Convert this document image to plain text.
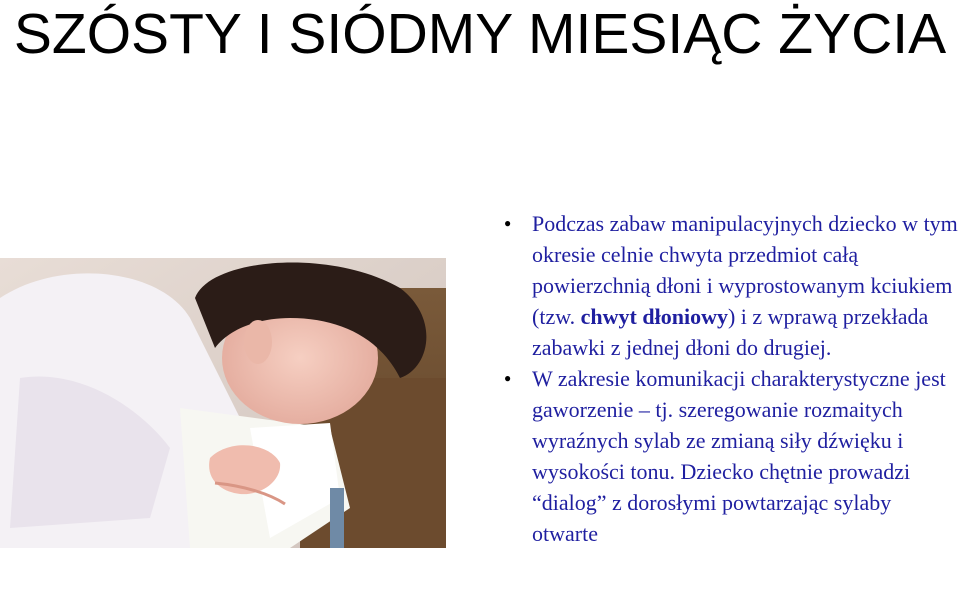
SZÓSTY I SIÓDMY MIESIĄC ŻYCIA
● Podczas zabaw manipulacyjnych dziecko w tym okresie celnie chwyta przedmiot całą powierzchnią dłoni i wyprostowanym kciukiem (tzw. chwyt dłoniowy) i z wprawą przekłada zabawki z jednej dłoni do drugiej.
● W zakresie komunikacji charakterystyczne jest gaworzenie – tj. szeregowanie rozmaitych wyraźnych sylab ze zmianą siły dźwięku i wysokości tonu. Dziecko chętnie prowadzi “dialog” z dorosłymi powtarzając sylaby otwarte
